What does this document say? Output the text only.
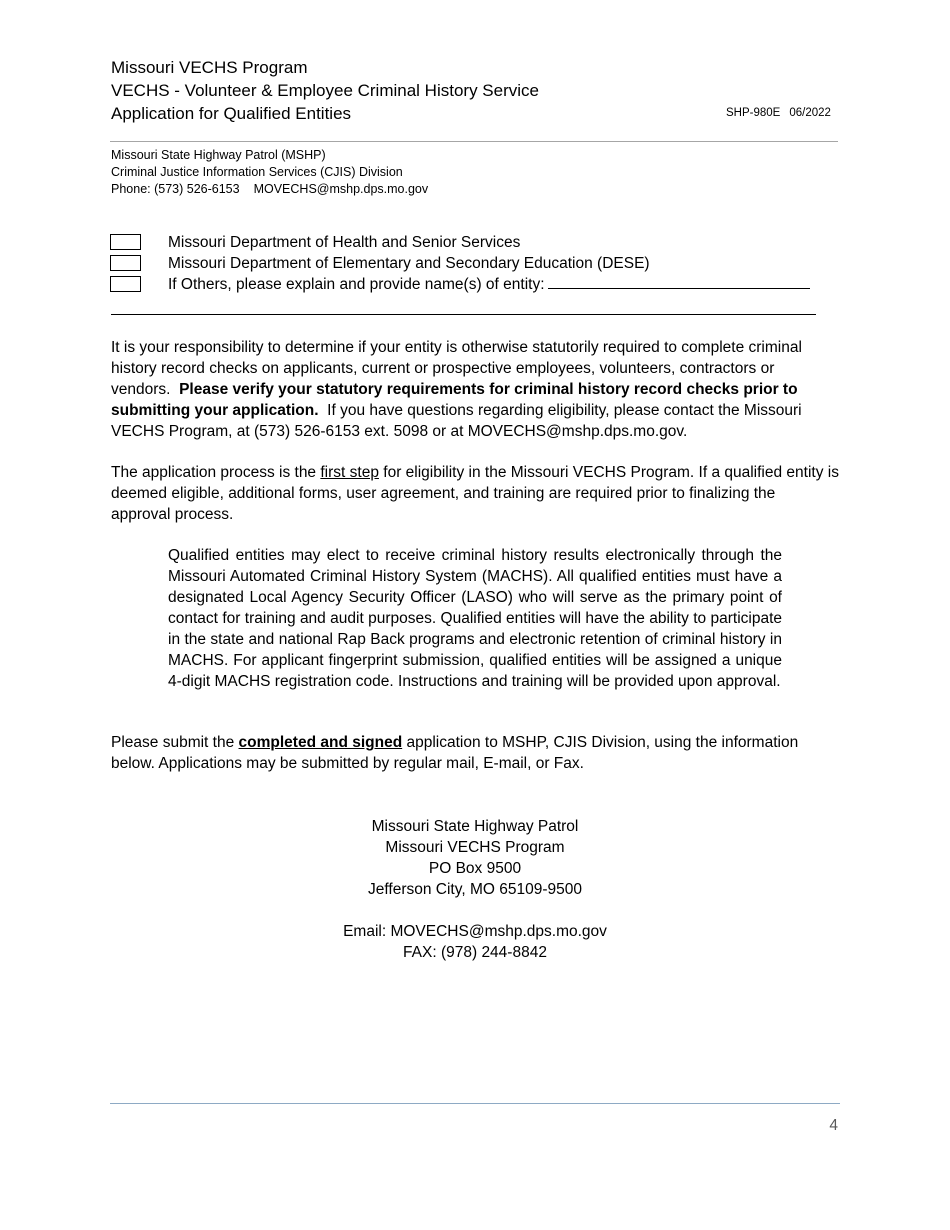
Missouri VECHS Program
VECHS - Volunteer & Employee Criminal History Service
Application for Qualified Entities	SHP-980E 06/2022
Missouri State Highway Patrol (MSHP)
Criminal Justice Information Services (CJIS) Division
Phone: (573) 526-6153 MOVECHS@mshp.dps.mo.gov
Missouri Department of Health and Senior Services
Missouri Department of Elementary and Secondary Education (DESE)
If Others, please explain and provide name(s) of entity:
It is your responsibility to determine if your entity is otherwise statutorily required to complete criminal history record checks on applicants, current or prospective employees, volunteers, contractors or vendors. Please verify your statutory requirements for criminal history record checks prior to submitting your application. If you have questions regarding eligibility, please contact the Missouri VECHS Program, at (573) 526-6153 ext. 5098 or at MOVECHS@mshp.dps.mo.gov.
The application process is the first step for eligibility in the Missouri VECHS Program. If a qualified entity is deemed eligible, additional forms, user agreement, and training are required prior to finalizing the approval process.
Qualified entities may elect to receive criminal history results electronically through the Missouri Automated Criminal History System (MACHS). All qualified entities must have a designated Local Agency Security Officer (LASO) who will serve as the primary point of contact for training and audit purposes. Qualified entities will have the ability to participate in the state and national Rap Back programs and electronic retention of criminal history in MACHS. For applicant fingerprint submission, qualified entities will be assigned a unique 4-digit MACHS registration code. Instructions and training will be provided upon approval.
Please submit the completed and signed application to MSHP, CJIS Division, using the information below. Applications may be submitted by regular mail, E-mail, or Fax.
Missouri State Highway Patrol
Missouri VECHS Program
PO Box 9500
Jefferson City, MO 65109-9500
Email: MOVECHS@mshp.dps.mo.gov
FAX: (978) 244-8842
4
